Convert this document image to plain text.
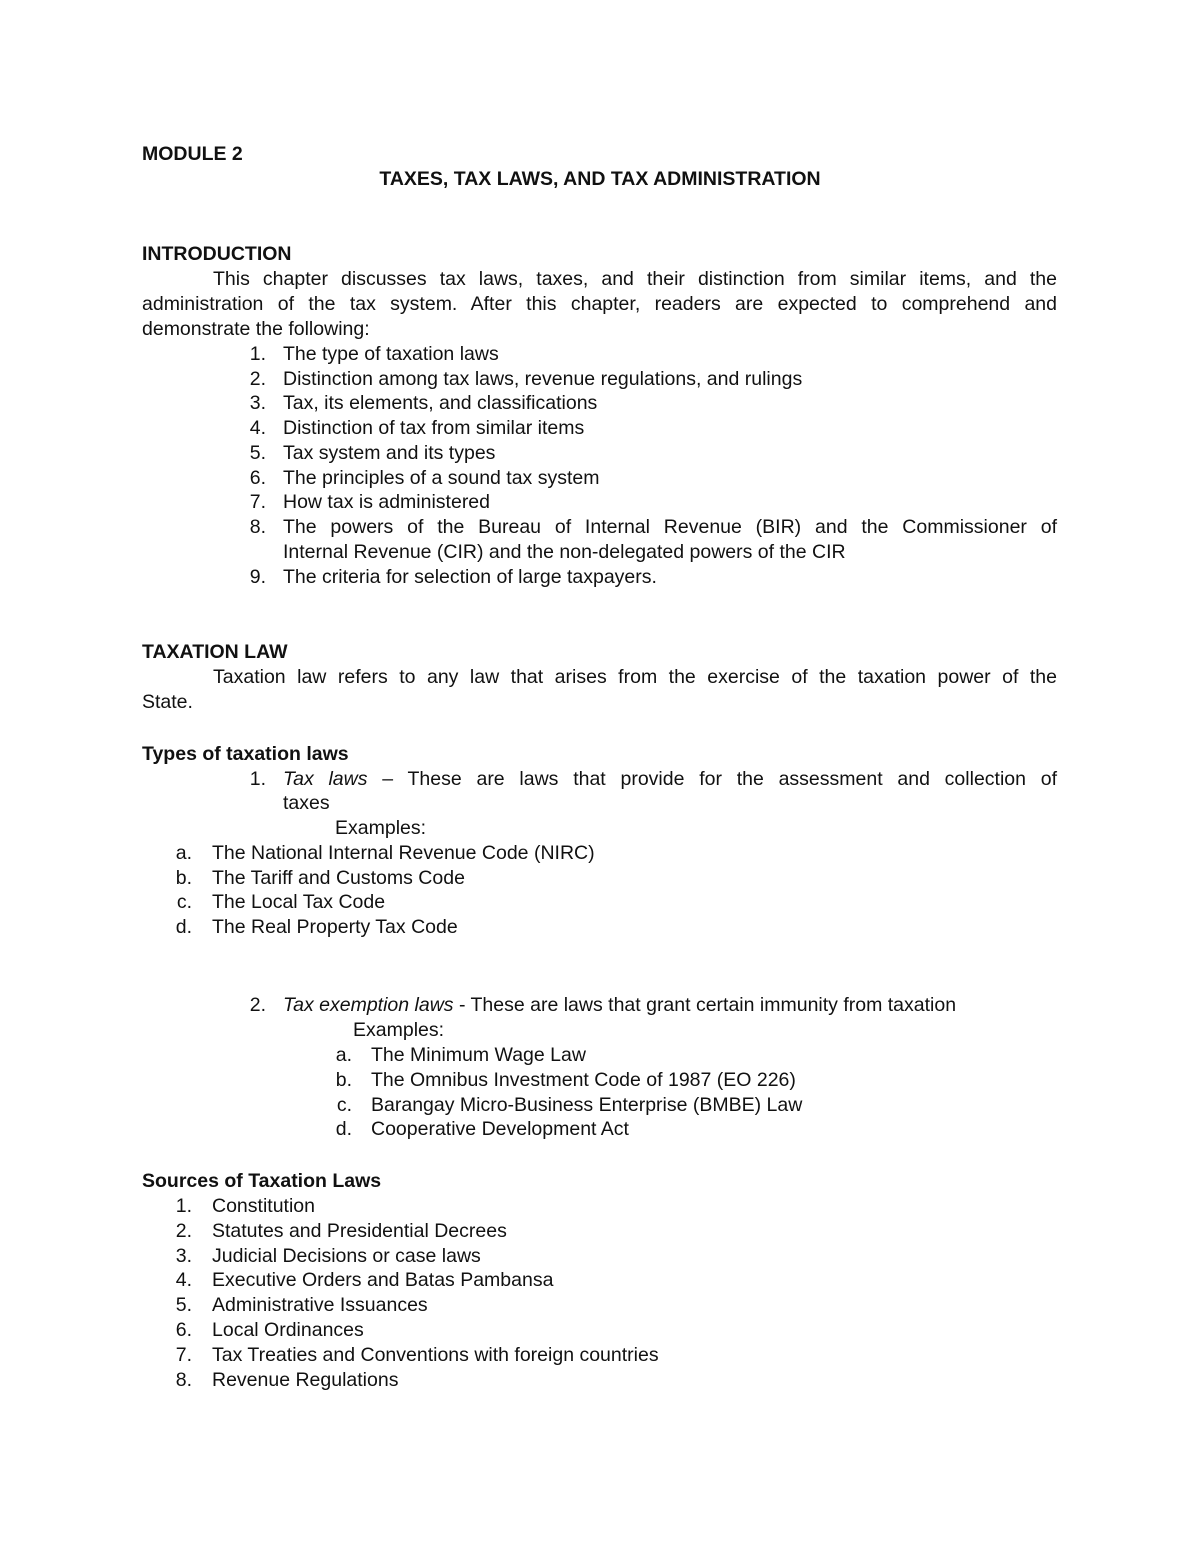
MODULE 2
TAXES, TAX LAWS, AND TAX ADMINISTRATION
INTRODUCTION
This chapter discusses tax laws, taxes, and their distinction from similar items, and the
administration of the tax system. After this chapter, readers are expected to comprehend and
demonstrate the following:
1. The type of taxation laws
2. Distinction among tax laws, revenue regulations, and rulings
3. Tax, its elements, and classifications
4. Distinction of tax from similar items
5. Tax system and its types
6. The principles of a sound tax system
7. How tax is administered
8. The powers of the Bureau of Internal Revenue (BIR) and the Commissioner of
Internal Revenue (CIR) and the non-delegated powers of the CIR
9. The criteria for selection of large taxpayers.
TAXATION LAW
Taxation law refers to any law that arises from the exercise of the taxation power of the
State.
Types of taxation laws
1. Tax laws – These are laws that provide for the assessment and collection of
taxes
Examples:
a. The National Internal Revenue Code (NIRC)
b. The Tariff and Customs Code
c. The Local Tax Code
d. The Real Property Tax Code
2. Tax exemption laws - These are laws that grant certain immunity from taxation
Examples:
a. The Minimum Wage Law
b. The Omnibus Investment Code of 1987 (EO 226)
c. Barangay Micro-Business Enterprise (BMBE) Law
d. Cooperative Development Act
Sources of Taxation Laws
1. Constitution
2. Statutes and Presidential Decrees
3. Judicial Decisions or case laws
4. Executive Orders and Batas Pambansa
5. Administrative Issuances
6. Local Ordinances
7. Tax Treaties and Conventions with foreign countries
8. Revenue Regulations
